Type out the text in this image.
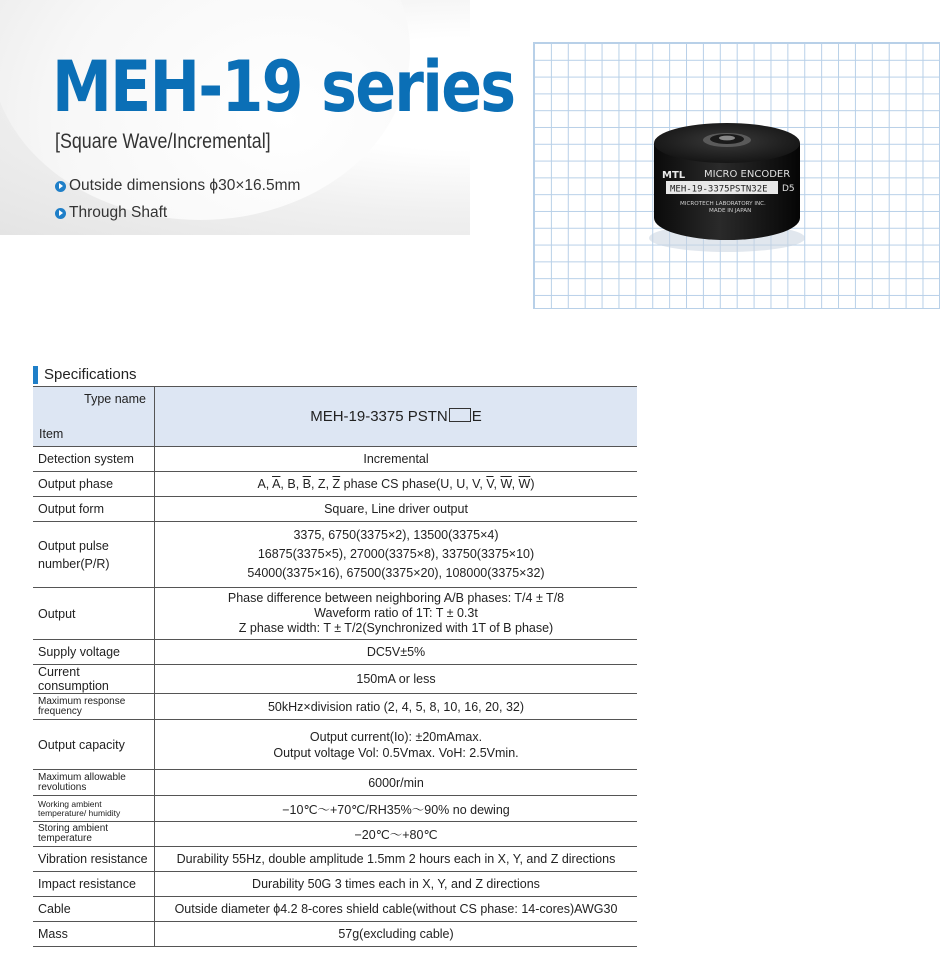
MEH-19 series
[Square Wave/Incremental]
Outside dimensions ϕ30×16.5mm
Through Shaft
MTL MICRO ENCODER
MEH-19-3375PSTN32E D5
MICROTECH LABORATORY INC.
MADE IN JAPAN
Specifications
Type name
Item	MEH-19-3375 PSTN E
Detection system	Incremental
Output phase	A, $\overline{A}$, B, $\overline{B}$, Z, $\overline{Z}$ phase CS phase(U, U, V, $\overline{V}$, $\overline{W}$, $\overline{W}$)
Output form	Square, Line driver output
Output pulse number(P/R)	3375, 6750(3375×2), 13500(3375×4)
16875(3375×5), 27000(3375×8), 33750(3375×10)
54000(3375×16), 67500(3375×20), 108000(3375×32)

Output	Phase difference between neighboring A/B phases: T/4 ± T/8
Waveform ratio of 1T: T ± 0.3t
Z phase width: T ± T/2(Synchronized with 1T of B phase)

Supply voltage	DC5V±5%
Current consumption	150mA or less
Maximum response frequency	50kHz×division ratio (2, 4, 5, 8, 10, 16, 20, 32)
Output capacity	Output current(Io): ±20mAmax.
Output voltage Vol: 0.5Vmax. VoH: 2.5Vmin.

Maximum allowable revolutions	6000r/min
Working ambient temperature/ humidity	−10℃〜+70℃/RH35%〜90% no dewing
Storing ambient temperature	−20℃〜+80℃
Vibration resistance	Durability 55Hz, double amplitude 1.5mm 2 hours each in X, Y, and Z directions
Impact resistance	Durability 50G 3 times each in X, Y, and Z directions
Cable	Outside diameter ϕ4.2 8-cores shield cable(without CS phase: 14-cores)AWG30
Mass	57g(excluding cable)
